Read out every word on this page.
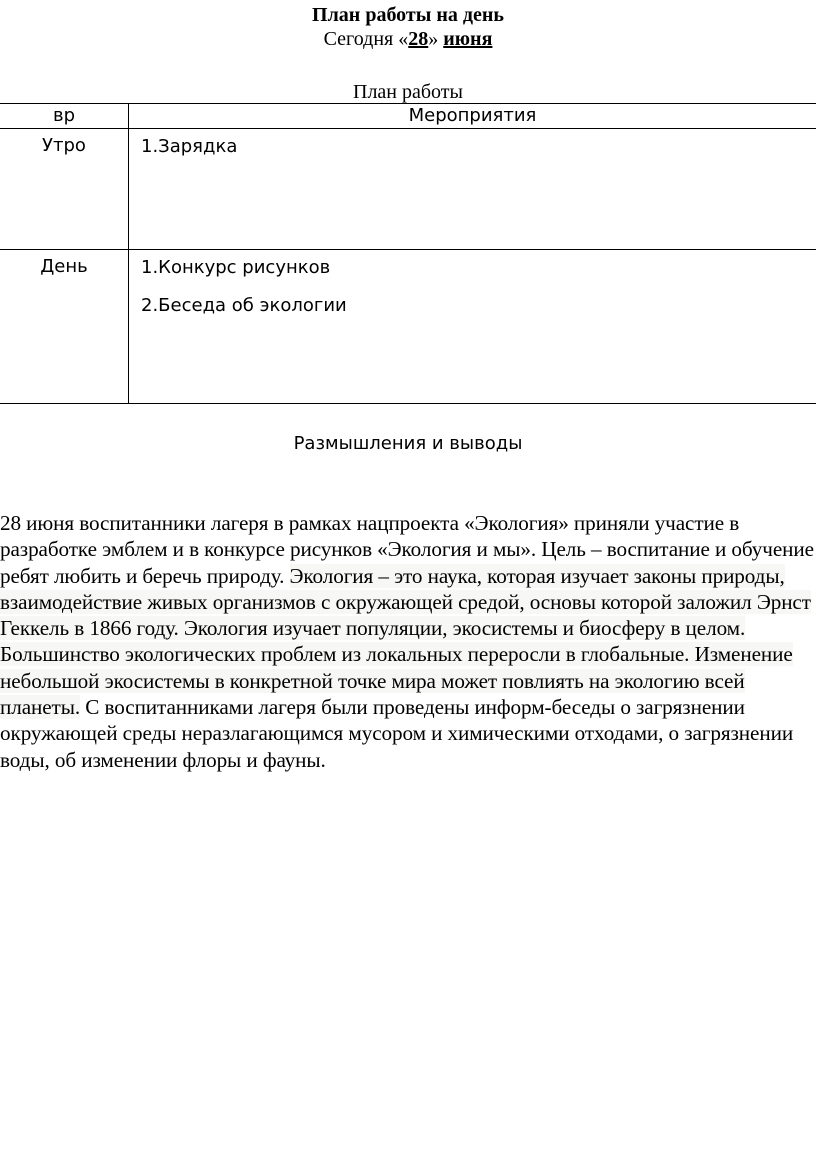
План работы на день
Сегодня «28» июня
План работы
вр	Мероприятия
Утро	1.Зарядка

День	1.Конкурс рисунков

2.Беседа об экологии

Размышления и выводы
28 июня воспитанники лагеря в рамках нацпроекта «Экология» приняли участие в разработке эмблем и в конкурсе рисунков «Экология и мы». Цель – воспитание и обучение ребят любить и беречь природу. Экология – это наука, которая изучает законы природы, взаимодействие живых организмов с окружающей средой, основы которой заложил Эрнст Геккель в 1866 году. Экология изучает популяции, экосистемы и биосферу в целом. Большинство экологических проблем из локальных переросли в глобальные. Изменение небольшой экосистемы в конкретной точке мира может повлиять на экологию всей планеты. С воспитанниками лагеря были проведены информ-беседы о загрязнении окружающей среды неразлагающимся мусором и химическими отходами, о загрязнении воды, об изменении флоры и фауны.
